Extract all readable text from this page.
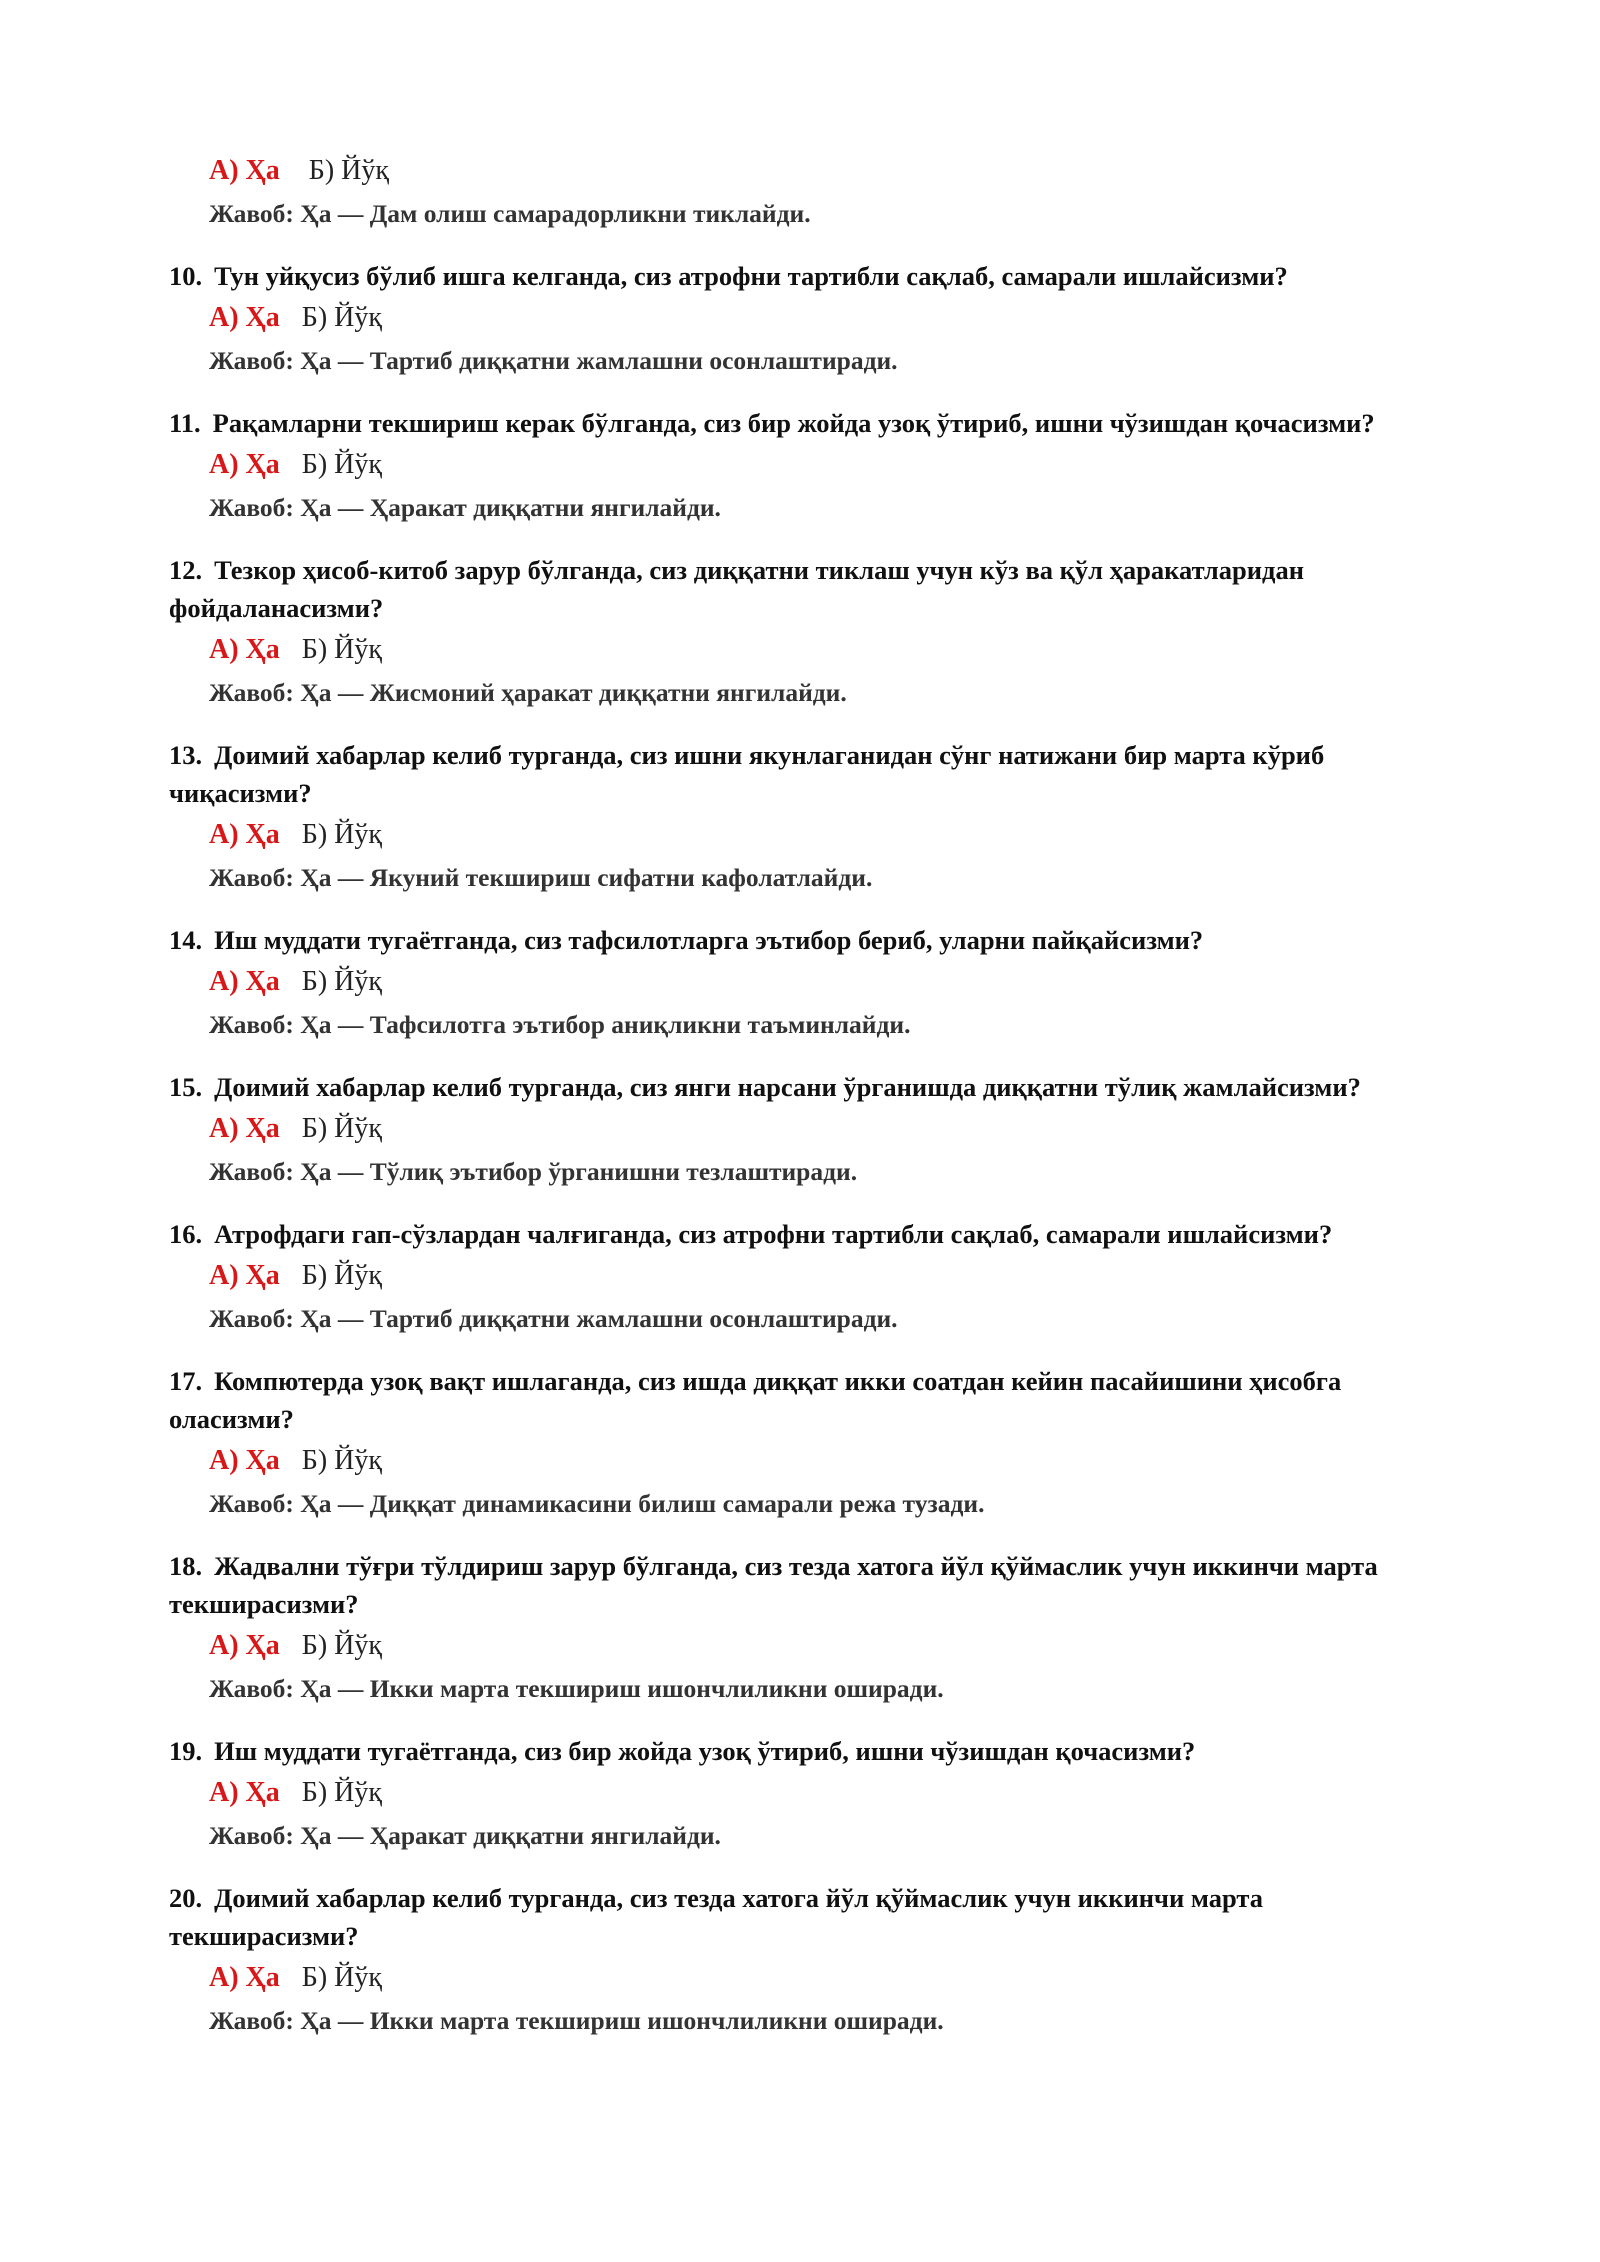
А) Ҳа Б) Йўқ
Жавоб: Ҳа — Дам олиш самарадорликни тиклайди.

10. Тун уйқусиз бўлиб ишга келганда, сиз атрофни тартибли сақлаб, самарали ишлайсизми?

А) Ҳа Б) Йўқ
Жавоб: Ҳа — Тартиб диққатни жамлашни осонлаштиради.

11. Рақамларни текшириш керак бўлганда, сиз бир жойда узоқ ўтириб, ишни чўзишдан қочасизми?

А) Ҳа Б) Йўқ
Жавоб: Ҳа — Ҳаракат диққатни янгилайди.

12. Тезкор ҳисоб-китоб зарур бўлганда, сиз диққатни тиклаш учун кўз ва қўл ҳаракатларидан фойдаланасизми?

А) Ҳа Б) Йўқ
Жавоб: Ҳа — Жисмоний ҳаракат диққатни янгилайди.

13. Доимий хабарлар келиб турганда, сиз ишни якунлаганидан сўнг натижани бир марта кўриб чиқасизми?

А) Ҳа Б) Йўқ
Жавоб: Ҳа — Якуний текшириш сифатни кафолатлайди.

14. Иш муддати тугаётганда, сиз тафсилотларга эътибор бериб, уларни пайқайсизми?

А) Ҳа Б) Йўқ
Жавоб: Ҳа — Тафсилотга эътибор аниқликни таъминлайди.

15. Доимий хабарлар келиб турганда, сиз янги нарсани ўрганишда диққатни тўлиқ жамлайсизми?

А) Ҳа Б) Йўқ
Жавоб: Ҳа — Тўлиқ эътибор ўрганишни тезлаштиради.

16. Атрофдаги гап-сўзлардан чалғиганда, сиз атрофни тартибли сақлаб, самарали ишлайсизми?

А) Ҳа Б) Йўқ
Жавоб: Ҳа — Тартиб диққатни жамлашни осонлаштиради.

17. Компютерда узоқ вақт ишлаганда, сиз ишда диққат икки соатдан кейин пасайишини ҳисобга оласизми?

А) Ҳа Б) Йўқ
Жавоб: Ҳа — Диққат динамикасини билиш самарали режа тузади.

18. Жадвални тўғри тўлдириш зарур бўлганда, сиз тезда хатога йўл қўймаслик учун иккинчи марта текширасизми?

А) Ҳа Б) Йўқ
Жавоб: Ҳа — Икки марта текшириш ишончлиликни оширади.

19. Иш муддати тугаётганда, сиз бир жойда узоқ ўтириб, ишни чўзишдан қочасизми?

А) Ҳа Б) Йўқ
Жавоб: Ҳа — Ҳаракат диққатни янгилайди.

20. Доимий хабарлар келиб турганда, сиз тезда хатога йўл қўймаслик учун иккинчи марта текширасизми?

А) Ҳа Б) Йўқ
Жавоб: Ҳа — Икки марта текшириш ишончлиликни оширади.
